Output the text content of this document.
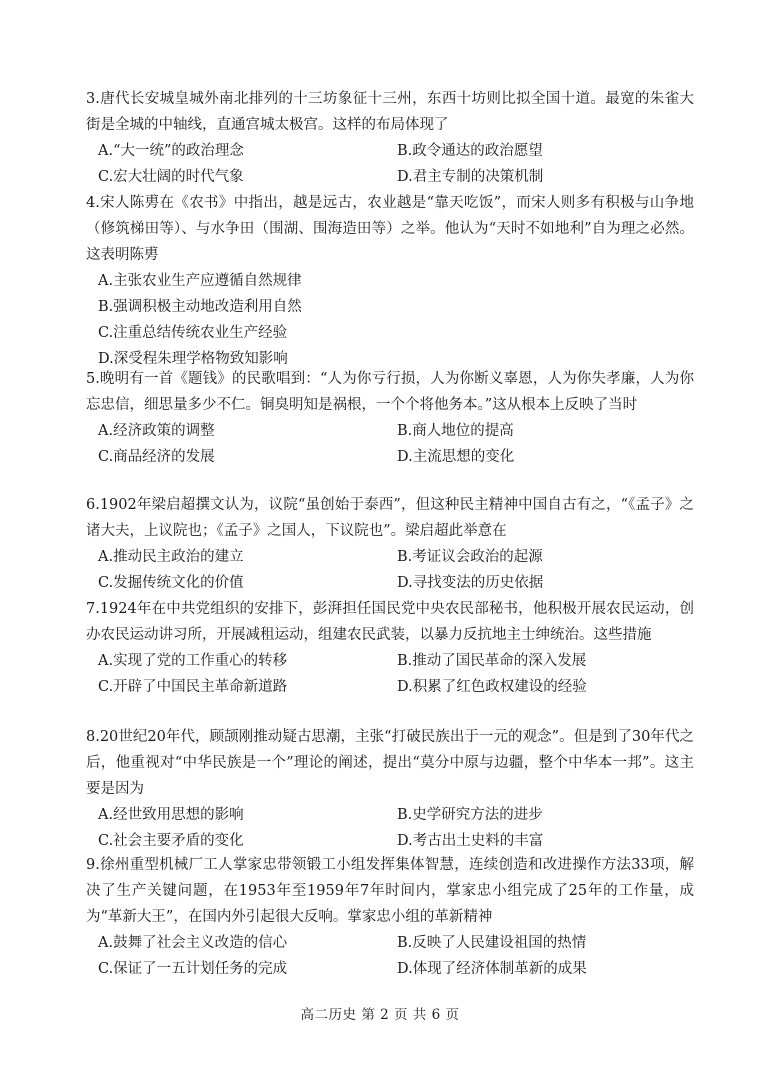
3.唐代长安城皇城外南北排列的十三坊象征十三州，东西十坊则比拟全国十道。最宽的朱雀大街是全城的中轴线，直通宫城太极宫。这样的布局体现了
A.“大一统”的政治理念	B.政令通达的政治愿望
C.宏大壮阔的时代气象	D.君主专制的决策机制
4.宋人陈旉在《农书》中指出，越是远古，农业越是“靠天吃饭”，而宋人则多有积极与山争地（修筑梯田等）、与水争田（围湖、围海造田等）之举。他认为“天时不如地利”自为理之必然。这表明陈旉
A.主张农业生产应遵循自然规律
B.强调积极主动地改造利用自然
C.注重总结传统农业生产经验
D.深受程朱理学格物致知影响
5.晚明有一首《题钱》的民歌唱到：“人为你亏行损，人为你断义辜恩，人为你失孝廉，人为你忘忠信，细思量多少不仁。铜臭明知是祸根，一个个将他务本。”这从根本上反映了当时
A.经济政策的调整	B.商人地位的提高
C.商品经济的发展	D.主流思想的变化
6.1902年梁启超撰文认为，议院“虽创始于泰西”，但这种民主精神中国自古有之，“《孟子》之诸大夫，上议院也；《孟子》之国人，下议院也”。梁启超此举意在
A.推动民主政治的建立	B.考证议会政治的起源
C.发掘传统文化的价值	D.寻找变法的历史依据
7.1924年在中共党组织的安排下，彭湃担任国民党中央农民部秘书，他积极开展农民运动，创办农民运动讲习所，开展减租运动，组建农民武装，以暴力反抗地主士绅统治。这些措施
A.实现了党的工作重心的转移	B.推动了国民革命的深入发展
C.开辟了中国民主革命新道路	D.积累了红色政权建设的经验
8.20世纪20年代，顾颉刚推动疑古思潮，主张“打破民族出于一元的观念”。但是到了30年代之后，他重视对“中华民族是一个”理论的阐述，提出“莫分中原与边疆，整个中华本一邦”。这主要是因为
A.经世致用思想的影响	B.史学研究方法的进步
C.社会主要矛盾的变化	D.考古出土史料的丰富
9.徐州重型机械厂工人掌家忠带领锻工小组发挥集体智慧，连续创造和改进操作方法33项，解决了生产关键问题，在1953年至1959年7年时间内，掌家忠小组完成了25年的工作量，成为“革新大王”，在国内外引起很大反响。掌家忠小组的革新精神
A.鼓舞了社会主义改造的信心	B.反映了人民建设祖国的热情
C.保证了一五计划任务的完成	D.体现了经济体制革新的成果
高二历史 第 2 页 共 6 页
